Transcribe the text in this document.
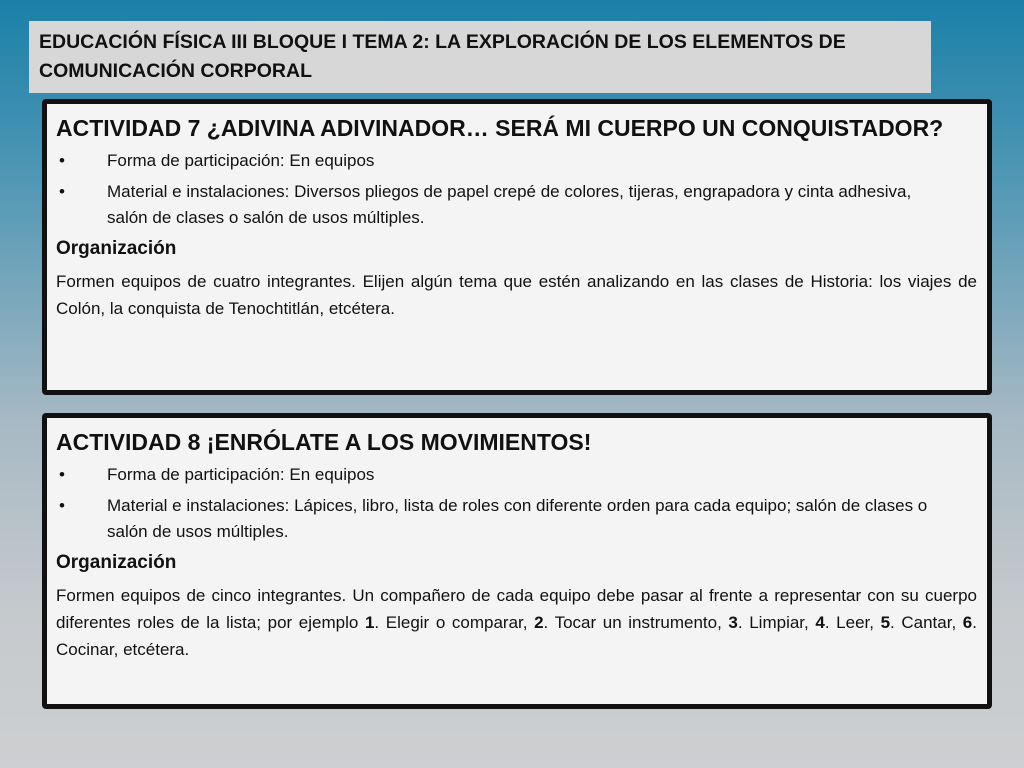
EDUCACIÓN FÍSICA III BLOQUE I TEMA 2: LA EXPLORACIÓN DE LOS ELEMENTOS DE COMUNICACIÓN CORPORAL
ACTIVIDAD 7 ¿ADIVINA ADIVINADOR… SERÁ MI CUERPO UN CONQUISTADOR?
•	Forma de participación: En equipos
•	Material e instalaciones: Diversos pliegos de papel crepé de colores, tijeras, engrapadora y cinta adhesiva, salón de clases o salón de usos múltiples.
Organización
Formen equipos de cuatro integrantes. Elijen algún tema que estén analizando en las clases de Historia: los viajes de Colón, la conquista de Tenochtitlán, etcétera.
ACTIVIDAD 8 ¡ENRÓLATE A LOS MOVIMIENTOS!
•	Forma de participación: En equipos
•	Material e instalaciones: Lápices, libro, lista de roles con diferente orden para cada equipo; salón de clases o salón de usos múltiples.
Organización
Formen equipos de cinco integrantes. Un compañero de cada equipo debe pasar al frente a representar con su cuerpo diferentes roles de la lista; por ejemplo 1. Elegir o comparar, 2. Tocar un instrumento, 3. Limpiar, 4. Leer, 5. Cantar, 6. Cocinar, etcétera.
